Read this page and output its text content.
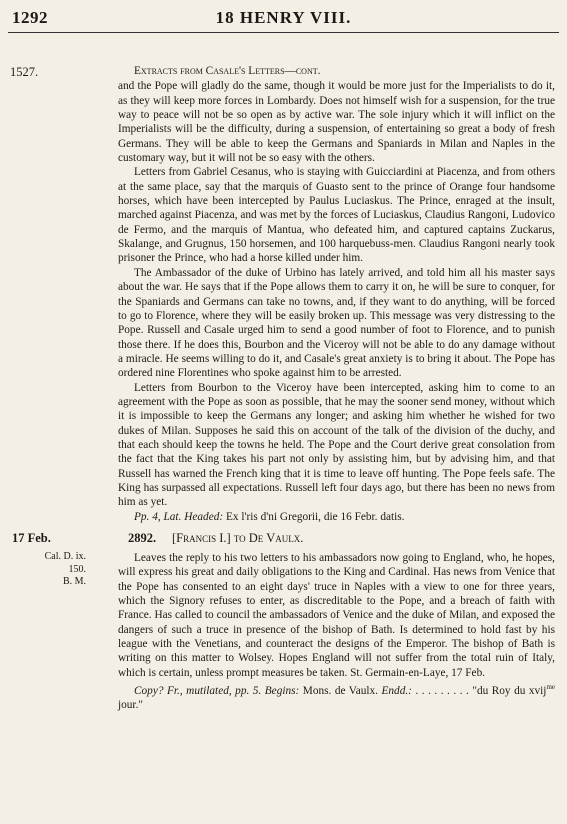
1292	18 HENRY VIII.
1527.	Extracts from Casale's Letters—cont.

and the Pope will gladly do the same, though it would be more just for the Imperialists to do it, as they will keep more forces in Lombardy. Does not himself wish for a suspension, for the true way to peace will not be so open as by active war. The sole injury which it will inflict on the Imperialists will be the difficulty, during a suspension, of entertaining so great a body of fresh Germans. They will be able to keep the Germans and Spaniards in Milan and Naples in the customary way, but it will not be so easy with the others.

Letters from Gabriel Cesanus, who is staying with Guicciardini at Piacenza, and from others at the same place, say that the marquis of Guasto sent to the prince of Orange four handsome horses, which have been intercepted by Paulus Luciaskus. The Prince, enraged at the insult, marched against Piacenza, and was met by the forces of Luciaskus, Claudius Rangoni, Ludovico de Fermo, and the marquis of Mantua, who defeated him, and captured captains Zuckarus, Skalange, and Grugnus, 150 horsemen, and 100 harquebuss-men. Claudius Rangoni nearly took prisoner the Prince, who had a horse killed under him.

The Ambassador of the duke of Urbino has lately arrived, and told him all his master says about the war. He says that if the Pope allows them to carry it on, he will be sure to conquer, for the Spaniards and Germans can take no towns, and, if they want to do anything, will be forced to go to Florence, where they will be easily broken up. This message was very distressing to the Pope. Russell and Casale urged him to send a good number of foot to Florence, and to punish those there. If he does this, Bourbon and the Viceroy will not be able to do any damage without a miracle. He seems willing to do it, and Casale's great anxiety is to bring it about. The Pope has ordered nine Florentines who spoke against him to be arrested.

Letters from Bourbon to the Viceroy have been intercepted, asking him to come to an agreement with the Pope as soon as possible, that he may the sooner send money, without which it is impossible to keep the Germans any longer; and asking him whether he wished for two dukes of Milan. Supposes he said this on account of the talk of the division of the duchy, and that each should keep the towns he held. The Pope and the Court derive great consolation from the fact that the King takes his part not only by assisting him, but by advising him, and that Russell has warned the French king that it is time to leave off hunting. The Pope feels safe. The King has surpassed all expectations. Russell left four days ago, but there has been no news from him as yet.

Pp. 4, Lat. Headed: Ex l'ris d'ni Gregorii, die 16 Febr. datis.

17 Feb.	2892. [Francis I.] to De Vaulx.
Cal. D. ix.
150.
B. M.

Leaves the reply to his two letters to his ambassadors now going to England, who, he hopes, will express his great and daily obligations to the King and Cardinal. Has news from Venice that the Pope has consented to an eight days' truce in Naples with a view to one for three years, which the Signory refuses to enter, as discreditable to the Pope, and a breach of faith with France. Has called to council the ambassadors of Venice and the duke of Milan, and exposed the dangers of such a truce in presence of the bishop of Bath. Is determined to hold fast by his league with the Venetians, and counteract the designs of the Emperor. The bishop of Bath is writing on this matter to Wolsey. Hopes England will not suffer from the total ruin of Italy, which is certain, unless prompt measures be taken. St. Germain-en-Laye, 17 Feb.

Copy? Fr., mutilated, pp. 5. Begins: Mons. de Vaulx. Endd.: . . . . . . . . . "du Roy du xvij$^{me}$ jour."
